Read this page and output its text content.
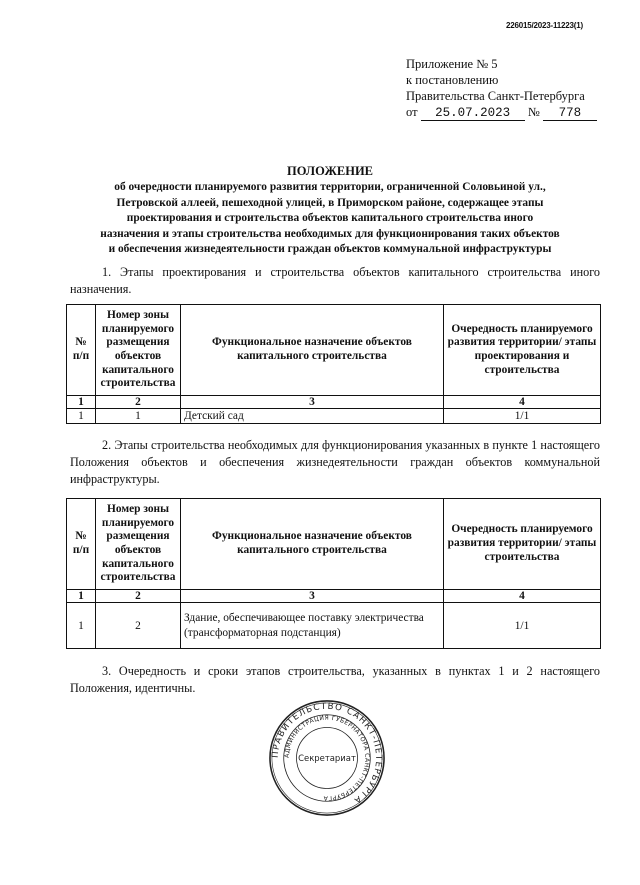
226015/2023-11223(1)
Приложение № 5
к постановлению
Правительства Санкт-Петербурга
от 25.07.2023 № 778
ПОЛОЖЕНИЕ
об очередности планируемого развития территории, ограниченной Соловьиной ул.,
Петровской аллеей, пешеходной улицей, в Приморском районе, содержащее этапы
проектирования и строительства объектов капитального строительства иного
назначения и этапы строительства необходимых для функционирования таких объектов
и обеспечения жизнедеятельности граждан объектов коммунальной инфраструктуры
1. Этапы проектирования и строительства объектов капитального строительства иного назначения.
№ п/п	Номер зоны планируемого размещения объектов капитального строительства	Функциональное назначение объектов капитального строительства	Очередность планируемого развития территории/ этапы проектирования и строительства
1	2	3	4
1	1	Детский сад	1/1
2. Этапы строительства необходимых для функционирования указанных в пункте 1 настоящего Положения объектов и обеспечения жизнедеятельности граждан объектов коммунальной инфраструктуры.
№ п/п	Номер зоны планируемого размещения объектов капитального строительства	Функциональное назначение объектов капитального строительства	Очередность планируемого развития территории/ этапы строительства
1	2	3	4
1	2	Здание, обеспечивающее поставку электричества (трансформаторная подстанция)	1/1
3. Очередность и сроки этапов строительства, указанных в пунктах 1 и 2 настоящего Положения, идентичны.
ПРАВИТЕЛЬСТВО САНКТ-ПЕТЕРБУРГА
АДМИНИСТРАЦИЯ ГУБЕРНАТОРА САНКТ-ПЕТЕРБУРГА
Секретариат
